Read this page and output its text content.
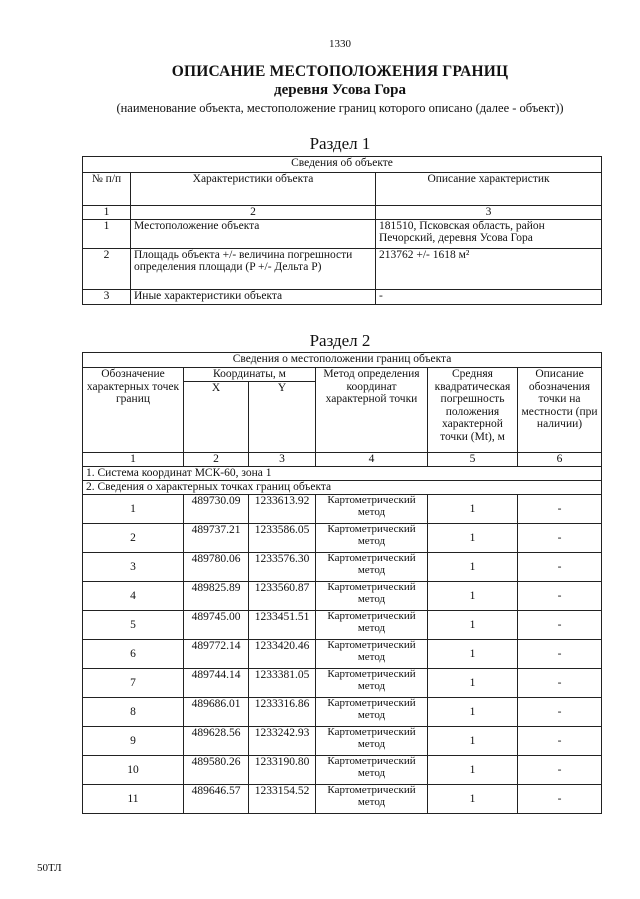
1330
ОПИСАНИЕ МЕСТОПОЛОЖЕНИЯ ГРАНИЦ
деревня Усова Гора
(наименование объекта, местоположение границ которого описано (далее - объект))
Раздел 1
Сведения об объекте		
№ п/п	Характеристики объекта	Описание характеристик
1	2	3
1	Местоположение объекта	181510, Псковская область, район Печорский, деревня Усова Гора
2	Площадь объекта +/- величина погрешности определения площади (P +/- Дельта P)	213762 +/- 1618 м²
3	Иные характеристики объекта	-
Раздел 2
Сведения о местоположении границ объекта					
Обозначение характерных точек границ	Координаты, м		Метод определения координат характерной точки	Средняя квадратическая погрешность положения характерной точки (Mt), м	Описание обозначения точки на местности (при наличии)
	X	Y			
1	2	3	4	5	6
1. Система координат МСК-60, зона 1					
2. Сведения о характерных точках границ объекта					
1	489730.09	1233613.92	Картометрический метод	1	-
2	489737.21	1233586.05	Картометрический метод	1	-
3	489780.06	1233576.30	Картометрический метод	1	-
4	489825.89	1233560.87	Картометрический метод	1	-
5	489745.00	1233451.51	Картометрический метод	1	-
6	489772.14	1233420.46	Картометрический метод	1	-
7	489744.14	1233381.05	Картометрический метод	1	-
8	489686.01	1233316.86	Картометрический метод	1	-
9	489628.56	1233242.93	Картометрический метод	1	-
10	489580.26	1233190.80	Картометрический метод	1	-
11	489646.57	1233154.52	Картометрический метод	1	-
50ТЛ
